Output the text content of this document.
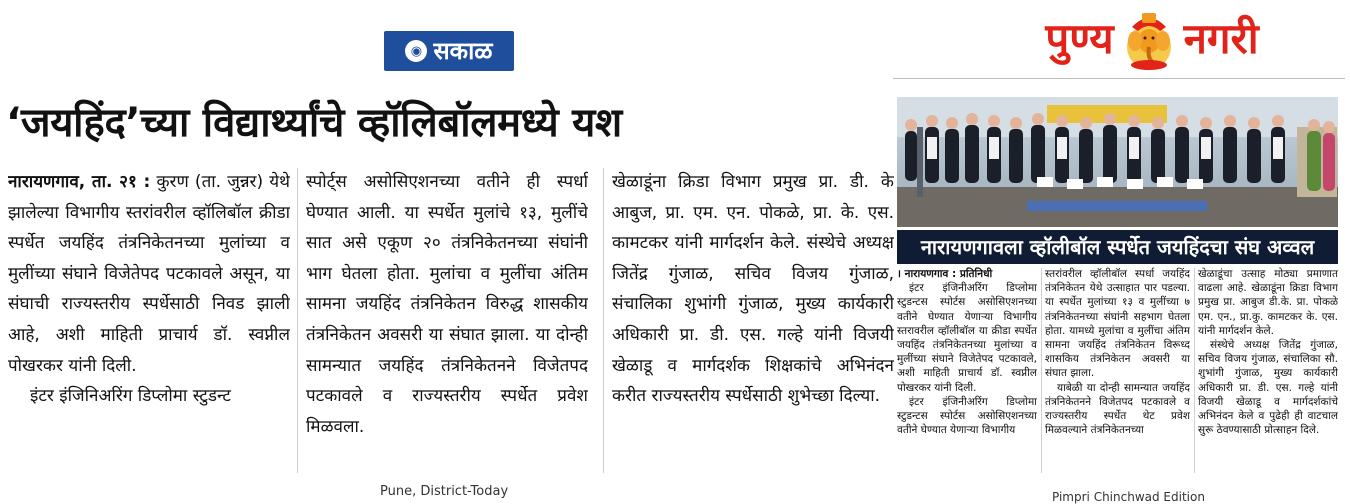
◉ सकाळ
‘जयहिंद’च्या विद्यार्थ्यांचे व्हॉलिबॉलमध्ये यश
नारायणगाव, ता. २१ : कुरण (ता. जुन्नर) येथे झालेल्या विभागीय स्तरांवरील व्हॉलिबॉल क्रीडा स्पर्धेत जयहिंद तंत्रनिकेतनच्या मुलांच्या व मुलींच्या संघाने विजेतेपद पटकावले असून, या संघाची राज्यस्तरीय स्पर्धेसाठी निवड झाली आहे, अशी माहिती प्राचार्य डॉ. स्वप्नील पोखरकर यांनी दिली.
इंटर इंजिनिअरिंग डिप्लोमा स्टुडन्ट
स्पोर्ट्स असोसिएशनच्या वतीने ही स्पर्धा घेण्यात आली. या स्पर्धेत मुलांचे १३, मुलींचे सात असे एकूण २० तंत्रनिकेतनच्या संघांनी भाग घेतला होता. मुलांचा व मुलींचा अंतिम सामना जयहिंद तंत्रनिकेतन विरुद्ध शासकीय तंत्रनिकेतन अवसरी या संघात झाला. या दोन्ही सामन्यात जयहिंद तंत्रनिकेतनने विजेतपद पटकावले व राज्यस्तरीय स्पर्धेत प्रवेश मिळवला.
खेळाडूंना क्रिडा विभाग प्रमुख प्रा. डी. के आबुज, प्रा. एम. एन. पोकळे, प्रा. के. एस. कामटकर यांनी मार्गदर्शन केले. संस्थेचे अध्यक्ष जितेंद्र गुंजाळ, सचिव विजय गुंजाळ, संचालिका शुभांगी गुंजाळ, मुख्य कार्यकारी अधिकारी प्रा. डी. एस. गल्हे यांनी विजयी खेळाडू व मार्गदर्शक शिक्षकांचे अभिनंदन करीत राज्यस्तरीय स्पर्धेसाठी शुभेच्छा दिल्या.
Pune, District-Today
पुण्य नगरी
नारायणगावला व्हॉलीबॉल स्पर्धेत जयहिंदचा संघ अव्वल
। नारायणगाव : प्रतिनिधी
इंटर इंजिनीअरिंग डिप्लोमा स्टुडन्टस स्पोर्टस असोसिएशनच्या वतीने घेण्यात येणाऱ्या विभागीय स्तरावरील व्हॉलीबॉल या क्रीडा स्पर्धेत जयहिंद तंत्रनिकेतनच्या मुलांच्या व मुलींच्या संघाने विजेतेपद पटकावले, अशी माहिती प्राचार्य डॉ. स्वप्नील पोखरकर यांनी दिली.
इंटर इंजिनीअरिंग डिप्लोमा स्टुडन्टस स्पोर्टस असोसिएशनच्या वतीने घेण्यात येणाऱ्या विभागीय
स्तरांवरील व्हॉलीबॉल स्पर्धा जयहिंद तंत्रनिकेतन येथे उत्साहात पार पडल्या. या स्पर्धेत मुलांच्या १३ व मुलींच्या ७ तंत्रनिकेतनच्या संघांनी सहभाग घेतला होता. यामध्ये मुलांचा व मुलींचा अंतिम सामना जयहिंद तंत्रनिकेतन विरूध्द शासकिय तंत्रनिकेतन अवसरी या संघात झाला.
याबेळी या दोन्ही सामन्यात जयहिंद तंत्रनिकेतनने विजेतपद पटकावले व राज्यस्तरीय स्पर्धेत थेट प्रवेश मिळवल्याने तंत्रनिकेतनच्या
खेळाडूंचा उत्साह मोठ्या प्रमाणात वाढला आहे. खेळाडूंना क्रिडा विभाग प्रमुख प्रा. आबुज डी.के. प्रा. पोकळे एम. एन., प्रा.कु. कामटकर के. एस. यांनी मार्गदर्शन केले.
संस्थेचे अध्यक्ष जितेंद्र गुंजाळ, सचिव विजय गुंजाळ, संचालिका सौ. शुभांगी गुंजाळ, मुख्य कार्यकारी अधिकारी प्रा. डी. एस. गल्हे यांनी विजयी खेळाडू व मार्गदर्शकांचे अभिनंदन केले व पुढेही ही वाटचाल सुरू ठेवण्यासाठी प्रोत्साहन दिले.
Pimpri Chinchwad Edition
